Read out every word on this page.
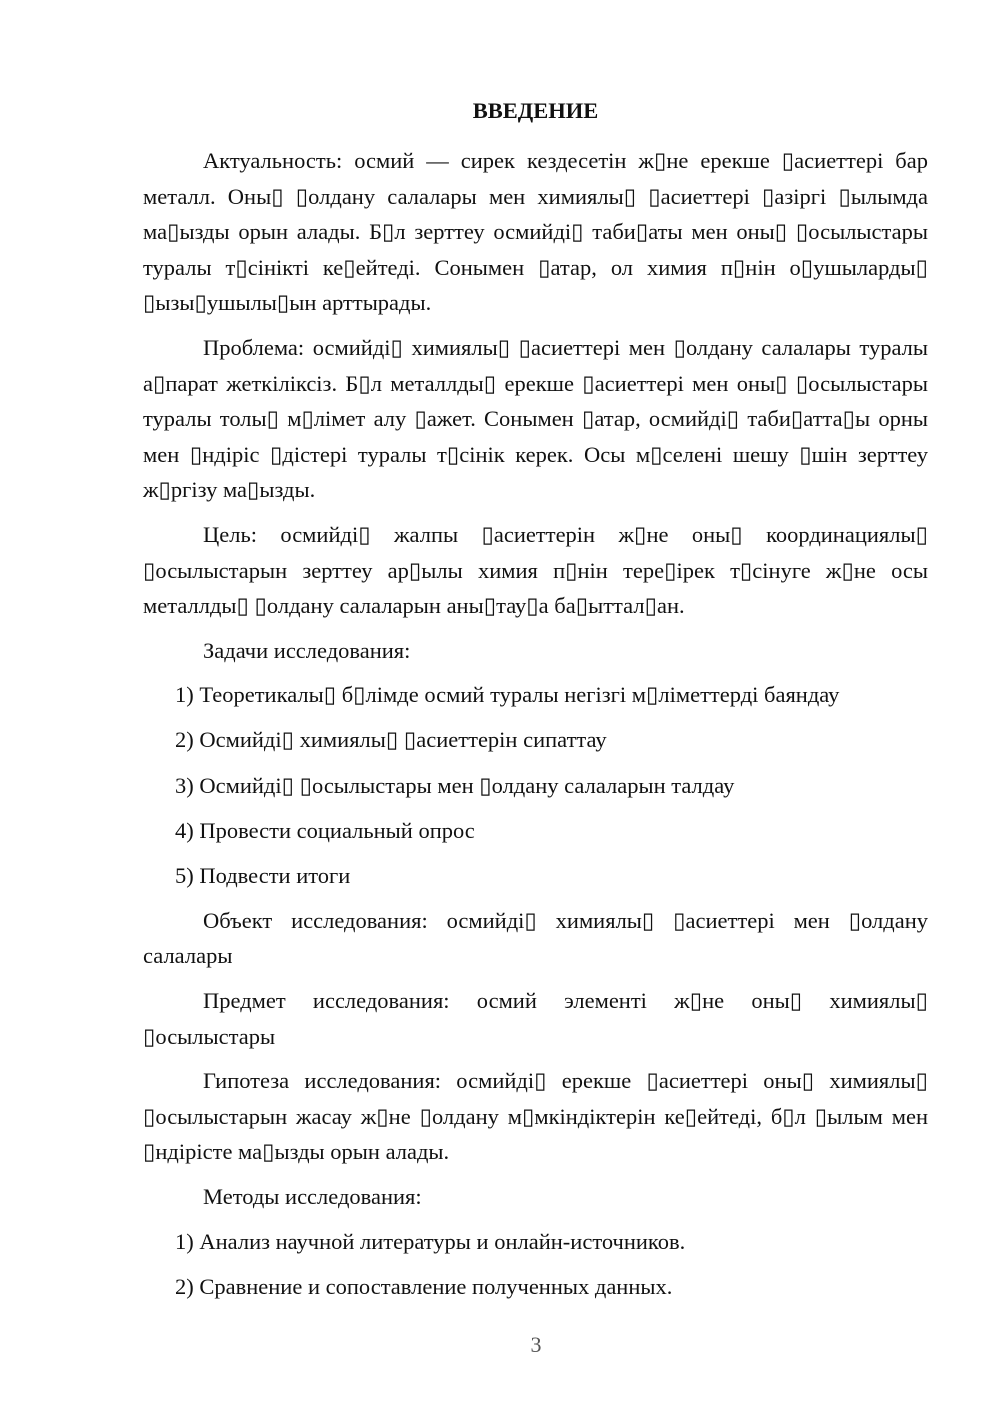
ВВЕДЕНИЕ
Актуальность: осмий — сирек кездесетін ж▯не ерекше ▯асиеттері бар металл. Оны▯ ▯олдану салалары мен химиялы▯ ▯асиеттері ▯азіргі ▯ылымда ма▯ызды орын алады. Б▯л зерттеу осмийді▯ таби▯аты мен оны▯ ▯осылыстары туралы т▯сінікті ке▯ейтеді. Сонымен ▯атар, ол химия п▯нін о▯ушыларды▯ ▯ызы▯ушылы▯ын арттырады.
Проблема: осмийді▯ химиялы▯ ▯асиеттері мен ▯олдану салалары туралы а▯парат жеткіліксіз. Б▯л металлды▯ ерекше ▯асиеттері мен оны▯ ▯осылыстары туралы толы▯ м▯лімет алу ▯ажет. Сонымен ▯атар, осмийді▯ таби▯атта▯ы орны мен ▯ндіріс ▯дістері туралы т▯сінік керек. Осы м▯селені шешу ▯шін зерттеу ж▯ргізу ма▯ызды.
Цель: осмийді▯ жалпы ▯асиеттерін ж▯не оны▯ координациялы▯ ▯осылыстарын зерттеу ар▯ылы химия п▯нін тере▯ірек т▯сінуге ж▯не осы металлды▯ ▯олдану салаларын аны▯тау▯а ба▯ыттал▯ан.
Задачи исследования:
1) Теоретикалы▯ б▯лімде осмий туралы негізгі м▯ліметтерді баяндау
2) Осмийді▯ химиялы▯ ▯асиеттерін сипаттау
3) Осмийді▯ ▯осылыстары мен ▯олдану салаларын талдау
4) Провести социальный опрос
5) Подвести итоги
Объект исследования: осмийді▯ химиялы▯ ▯асиеттері мен ▯олдану салалары
Предмет исследования: осмий элементі ж▯не оны▯ химиялы▯ ▯осылыстары
Гипотеза исследования: осмийді▯ ерекше ▯асиеттері оны▯ химиялы▯ ▯осылыстарын жасау ж▯не ▯олдану м▯мкіндіктерін ке▯ейтеді, б▯л ▯ылым мен ▯ндірісте ма▯ызды орын алады.
Методы исследования:
1) Анализ научной литературы и онлайн-источников.
2) Сравнение и сопоставление полученных данных.
3
